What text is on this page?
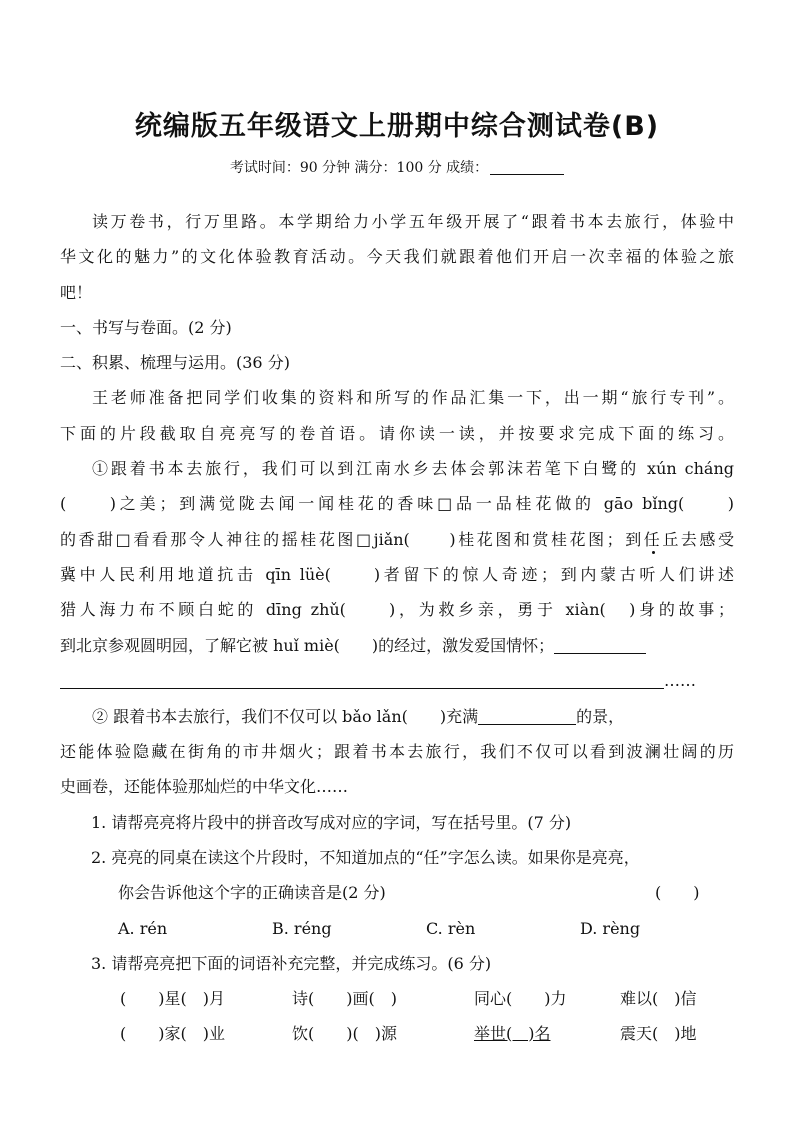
统编版五年级语文上册期中综合测试卷(B)
考试时间：90 分钟 满分：100 分 成绩：
读万卷书，行万里路。本学期给力小学五年级开展了“跟着书本去旅行，体验中
华文化的魅力”的文化体验教育活动。今天我们就跟着他们开启一次幸福的体验之旅
吧！
一、书写与卷面。(2 分)
二、积累、梳理与运用。(36 分)
王老师准备把同学们收集的资料和所写的作品汇集一下，出一期“旅行专刊”。
下面的片段截取自亮亮写的卷首语。请你读一读，并按要求完成下面的练习。
①跟着书本去旅行，我们可以到江南水乡去体会郭沫若笔下白鹭的 xún cháng
(　　)之美；到满觉陇去闻一闻桂花的香味□品一品桂花做的 gāo bǐng(　　)
的香甜□看看那令人神往的摇桂花图□jiǎn(　　)桂花图和赏桂花图；到任丘去感受
冀中人民利用地道抗击 qīn lüè(　　)者留下的惊人奇迹；到内蒙古听人们讲述
猎人海力布不顾白蛇的 dīng zhǔ(　　)，为救乡亲，勇于 xiàn(　)身的故事；
到北京参观圆明园，了解它被 huǐ miè(　　)的经过，激发爱国情怀；
……
② 跟着书本去旅行，我们不仅可以 bǎo lǎn(　　)充满	的景，
还能体验隐藏在街角的市井烟火；跟着书本去旅行，我们不仅可以看到波澜壮阔的历
史画卷，还能体验那灿烂的中华文化……
1. 请帮亮亮将片段中的拼音改写成对应的字词，写在括号里。(7 分)
2. 亮亮的同桌在读这个片段时，不知道加点的“任”字怎么读。如果你是亮亮，
你会告诉他这个字的正确读音是(2 分)	(　　)
A. rén	B. réng	C. rèn	D. rèng
3. 请帮亮亮把下面的词语补充完整，并完成练习。(6 分)
(　　)星(　)月	诗(　　)画(　)	同心(　　)力	难以(　)信
(　　)家(　)业	饮(　　)(　)源	举世(　)名	震天(　)地
